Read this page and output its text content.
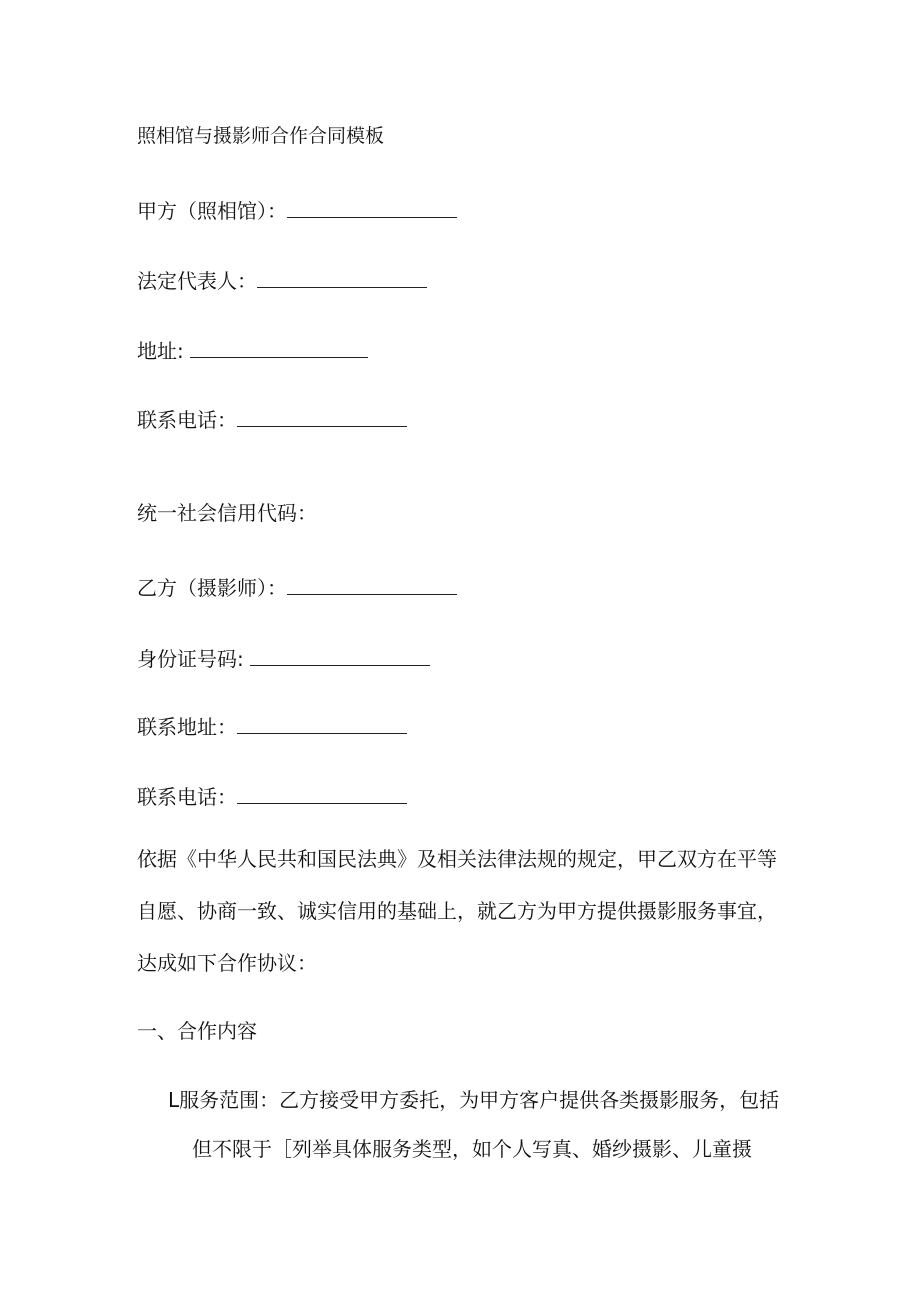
照相馆与摄影师合作合同模板
甲方（照相馆）：
法定代表人：
地址:
联系电话：
统一社会信用代码：
乙方（摄影师）：
身份证号码:
联系地址：
联系电话：
依据《中华人民共和国民法典》及相关法律法规的规定，甲乙双方在平等
自愿、协商一致、诚实信用的基础上，就乙方为甲方提供摄影服务事宜，
达成如下合作协议：
一、合作内容
L服务范围：乙方接受甲方委托，为甲方客户提供各类摄影服务，包括
但不限于［列举具体服务类型，如个人写真、婚纱摄影、儿童摄
